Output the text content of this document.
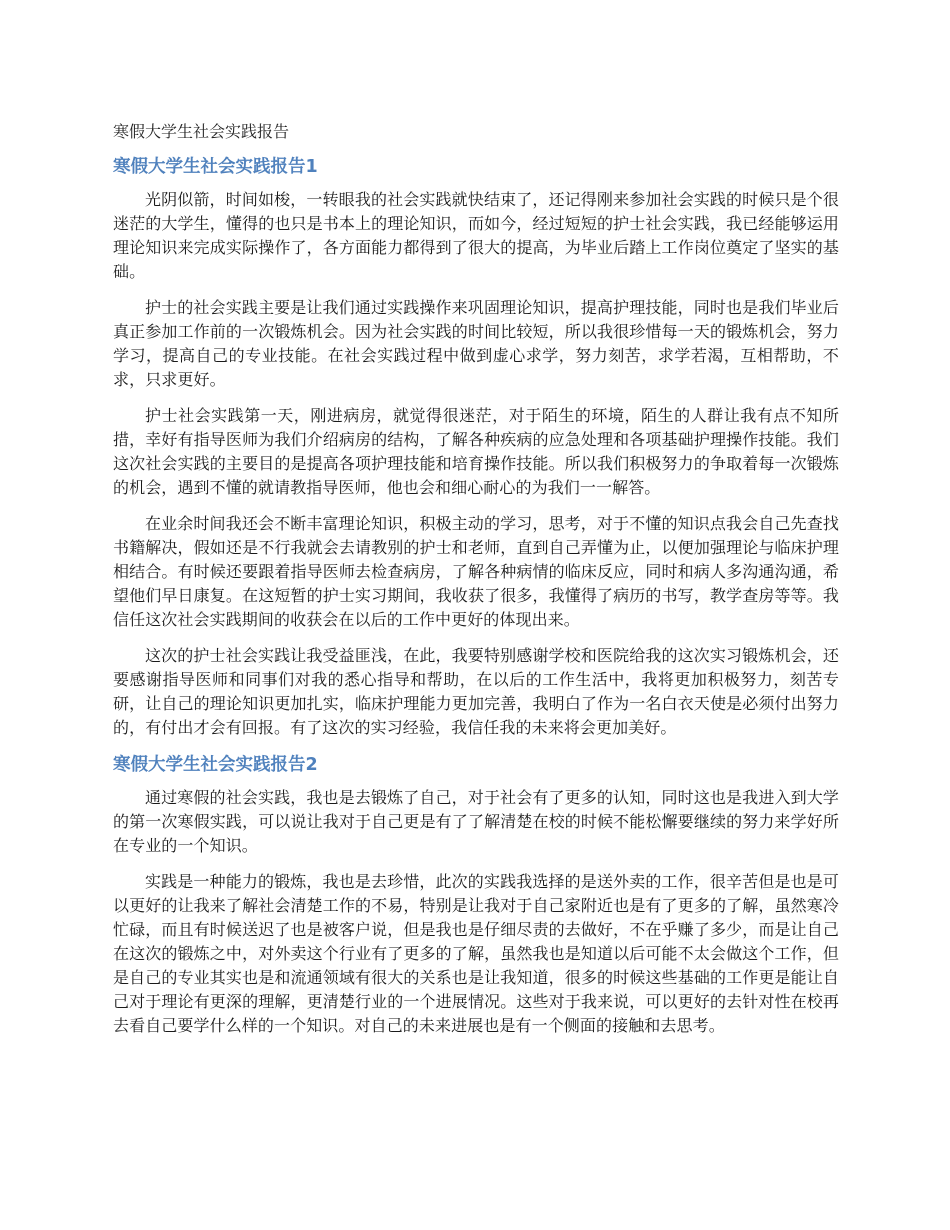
寒假大学生社会实践报告
寒假大学生社会实践报告1

光阴似箭，时间如梭，一转眼我的社会实践就快结束了，还记得刚来参加社会实践的时候只是个很迷茫的大学生，懂得的也只是书本上的理论知识，而如今，经过短短的护士社会实践，我已经能够运用理论知识来完成实际操作了，各方面能力都得到了很大的提高，为毕业后踏上工作岗位奠定了坚实的基础。

护士的社会实践主要是让我们通过实践操作来巩固理论知识，提高护理技能，同时也是我们毕业后真正参加工作前的一次锻炼机会。因为社会实践的时间比较短，所以我很珍惜每一天的锻炼机会，努力学习，提高自己的专业技能。在社会实践过程中做到虚心求学，努力刻苦，求学若渴，互相帮助，不求，只求更好。

护士社会实践第一天，刚进病房，就觉得很迷茫，对于陌生的环境，陌生的人群让我有点不知所措，幸好有指导医师为我们介绍病房的结构，了解各种疾病的应急处理和各项基础护理操作技能。我们这次社会实践的主要目的是提高各项护理技能和培育操作技能。所以我们积极努力的争取着每一次锻炼的机会，遇到不懂的就请教指导医师，他也会和细心耐心的为我们一一解答。

在业余时间我还会不断丰富理论知识，积极主动的学习，思考，对于不懂的知识点我会自己先查找书籍解决，假如还是不行我就会去请教别的护士和老师，直到自己弄懂为止，以便加强理论与临床护理相结合。有时候还要跟着指导医师去检查病房，了解各种病情的临床反应，同时和病人多沟通沟通，希望他们早日康复。在这短暂的护士实习期间，我收获了很多，我懂得了病历的书写，教学查房等等。我信任这次社会实践期间的收获会在以后的工作中更好的体现出来。

这次的护士社会实践让我受益匪浅，在此，我要特别感谢学校和医院给我的这次实习锻炼机会，还要感谢指导医师和同事们对我的悉心指导和帮助，在以后的工作生活中，我将更加积极努力，刻苦专研，让自己的理论知识更加扎实，临床护理能力更加完善，我明白了作为一名白衣天使是必须付出努力的，有付出才会有回报。有了这次的实习经验，我信任我的未来将会更加美好。

寒假大学生社会实践报告2

通过寒假的社会实践，我也是去锻炼了自己，对于社会有了更多的认知，同时这也是我进入到大学的第一次寒假实践，可以说让我对于自己更是有了了解清楚在校的时候不能松懈要继续的努力来学好所在专业的一个知识。

实践是一种能力的锻炼，我也是去珍惜，此次的实践我选择的是送外卖的工作，很辛苦但是也是可以更好的让我来了解社会清楚工作的不易，特别是让我对于自己家附近也是有了更多的了解，虽然寒冷忙碌，而且有时候送迟了也是被客户说，但是我也是仔细尽责的去做好，不在乎赚了多少，而是让自己在这次的锻炼之中，对外卖这个行业有了更多的了解，虽然我也是知道以后可能不太会做这个工作，但是自己的专业其实也是和流通领域有很大的关系也是让我知道，很多的时候这些基础的工作更是能让自己对于理论有更深的理解，更清楚行业的一个进展情况。这些对于我来说，可以更好的去针对性在校再去看自己要学什么样的一个知识。对自己的未来进展也是有一个侧面的接触和去思考。
